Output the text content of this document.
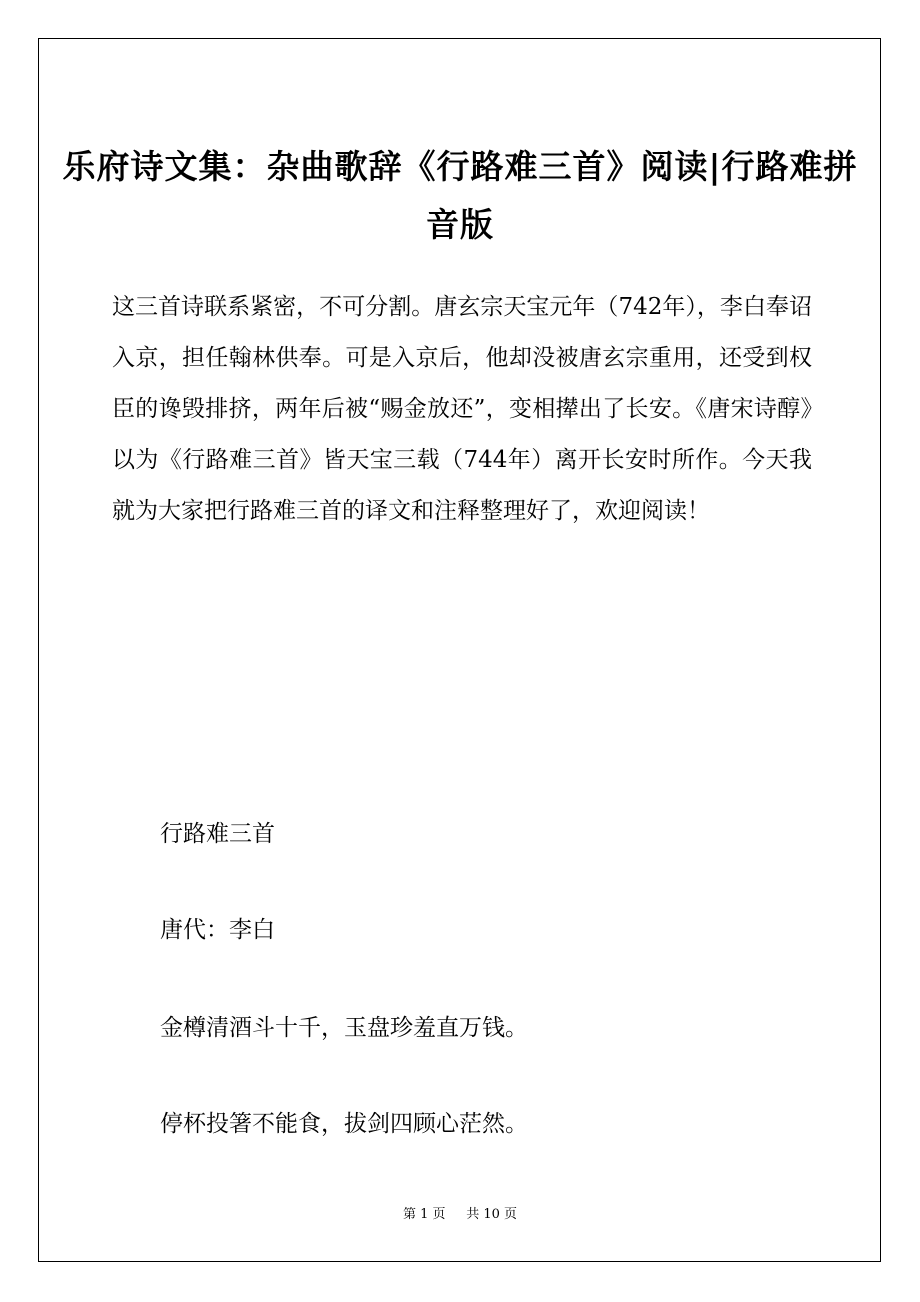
乐府诗文集：杂曲歌辞《行路难三首》阅读|行路难拼音版

这三首诗联系紧密，不可分割。唐玄宗天宝元年（742年），李白奉诏入京，担任翰林供奉。可是入京后，他却没被唐玄宗重用，还受到权臣的谗毁排挤，两年后被“赐金放还”，变相撵出了长安。《唐宋诗醇》以为《行路难三首》皆天宝三载（744年）离开长安时所作。今天我就为大家把行路难三首的译文和注释整理好了，欢迎阅读！

行路难三首

唐代：李白

金樽清酒斗十千，玉盘珍羞直万钱。

停杯投箸不能食，拔剑四顾心茫然。

第 1 页 共 10 页
